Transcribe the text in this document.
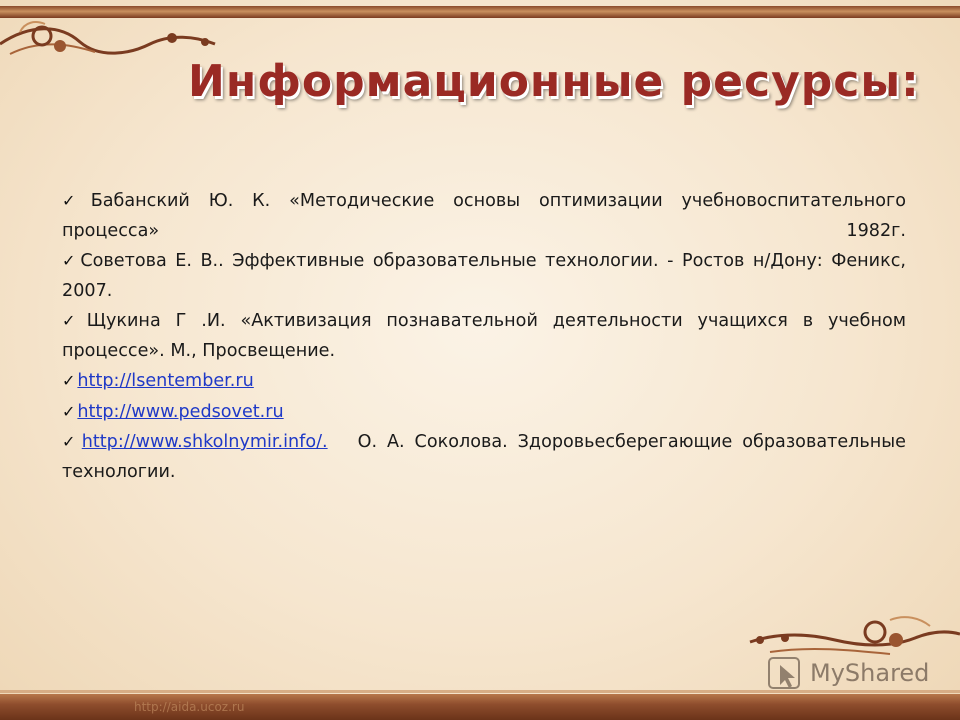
Информационные ресурсы:

✓ Бабанский Ю. К. «Методические основы оптимизации учебновоспитательного процесса» 1982г.

✓ Советова Е. В.. Эффективные образовательные технологии. - Ростов н/Дону: Феникс, 2007.

✓ Щукина Г .И. «Активизация познавательной деятельности учащихся в учебном процессе». М., Просвещение.

✓ http://lsentember.ru

✓ http://www.pedsovet.ru

✓ http://www.shkolnymir.info/. О. А. Соколова. Здоровьесберегающие образовательные технологии.

MyShared
http://aida.ucoz.ru
